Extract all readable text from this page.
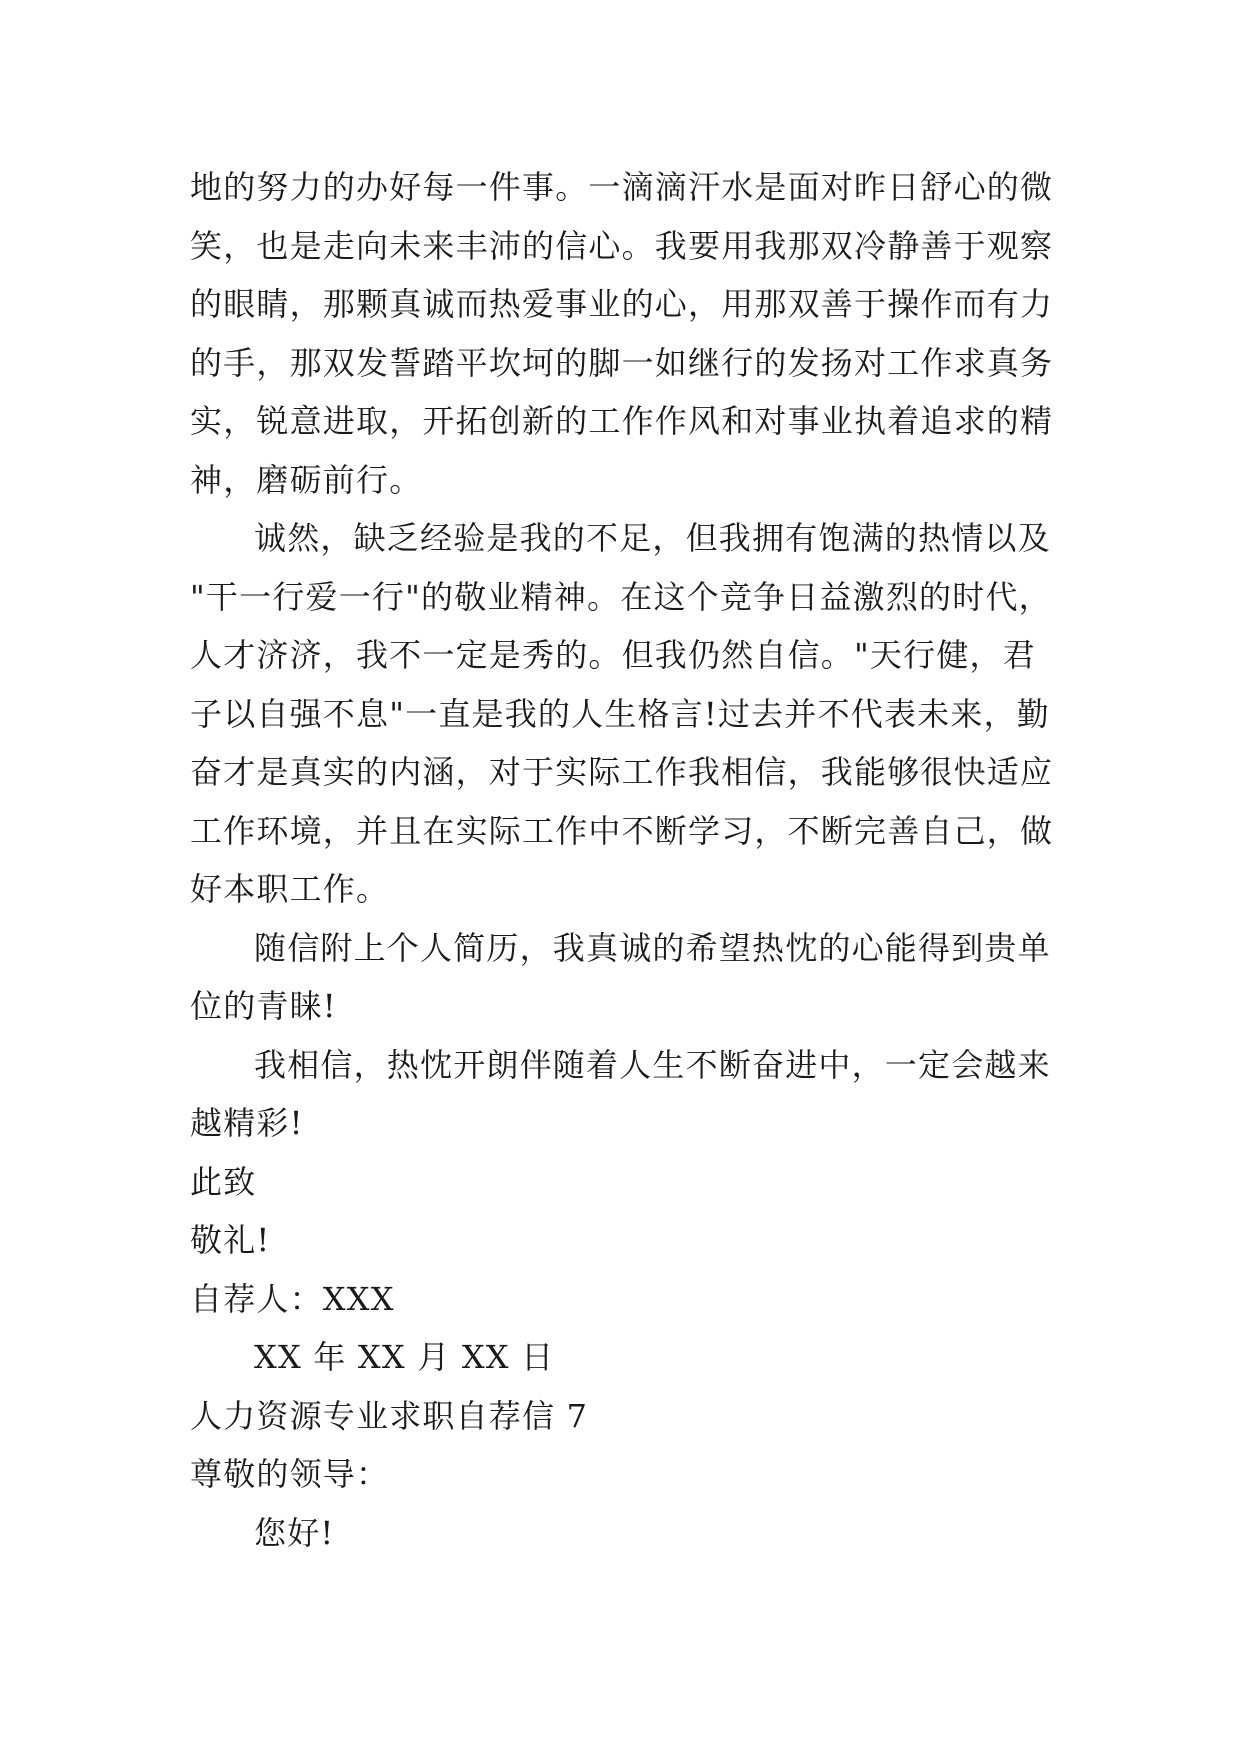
地的努力的办好每一件事。一滴滴汗水是面对昨日舒心的微
笑，也是走向未来丰沛的信心。我要用我那双冷静善于观察
的眼睛，那颗真诚而热爱事业的心，用那双善于操作而有力
的手，那双发誓踏平坎坷的脚一如继行的发扬对工作求真务
实，锐意进取，开拓创新的工作作风和对事业执着追求的精
神，磨砺前行。
诚然，缺乏经验是我的不足，但我拥有饱满的热情以及
"干一行爱一行"的敬业精神。在这个竞争日益激烈的时代，
人才济济，我不一定是秀的。但我仍然自信。"天行健，君
子以自强不息"一直是我的人生格言!过去并不代表未来，勤
奋才是真实的内涵，对于实际工作我相信，我能够很快适应
工作环境，并且在实际工作中不断学习，不断完善自己，做
好本职工作。
随信附上个人简历，我真诚的希望热忱的心能得到贵单
位的青睐!
我相信，热忱开朗伴随着人生不断奋进中，一定会越来
越精彩!
此致
敬礼!
自荐人：XXX
XX 年 XX 月 XX 日
人力资源专业求职自荐信 7
尊敬的领导：
您好!
